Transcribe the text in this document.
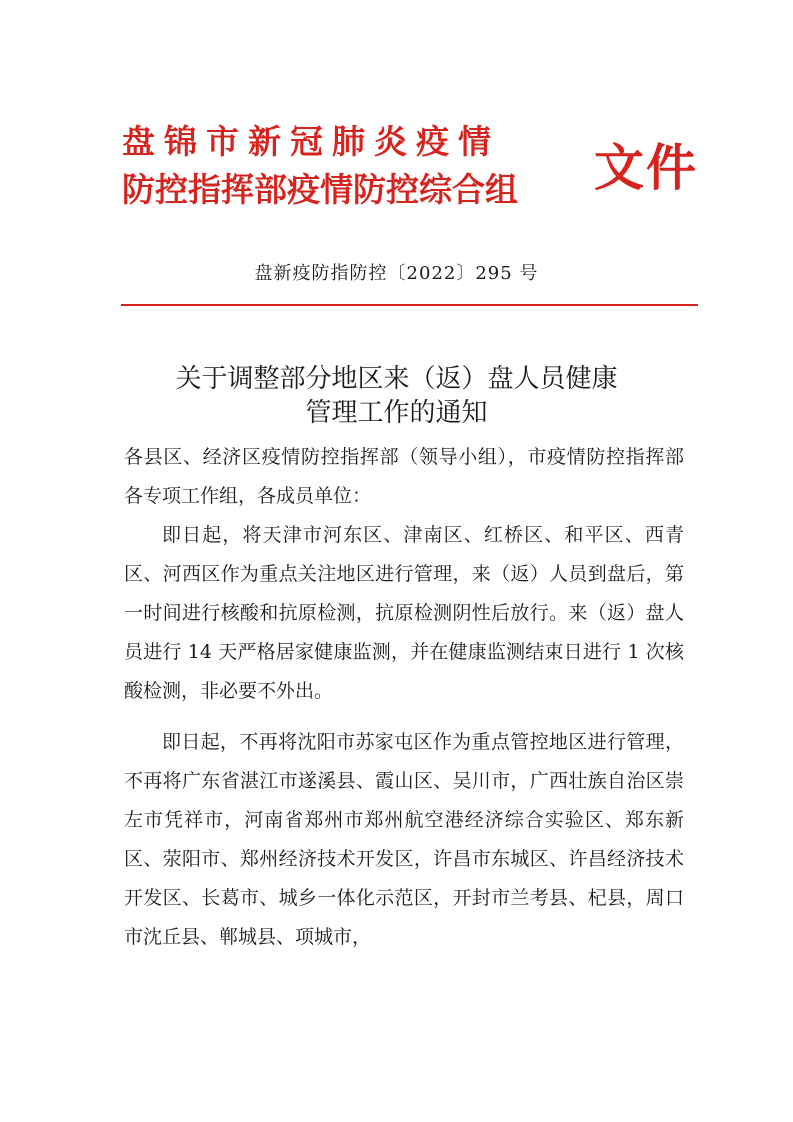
盘锦市新冠肺炎疫情
防控指挥部疫情防控综合组 文件
盘新疫防指防控〔2022〕295 号
关于调整部分地区来（返）盘人员健康
管理工作的通知

各县区、经济区疫情防控指挥部（领导小组），市疫情防控指挥部各专项工作组，各成员单位：

即日起，将天津市河东区、津南区、红桥区、和平区、西青区、河西区作为重点关注地区进行管理，来（返）人员到盘后，第一时间进行核酸和抗原检测，抗原检测阴性后放行。来（返）盘人员进行 14 天严格居家健康监测，并在健康监测结束日进行 1 次核酸检测，非必要不外出。

即日起，不再将沈阳市苏家屯区作为重点管控地区进行管理，不再将广东省湛江市遂溪县、霞山区、吴川市，广西壮族自治区崇左市凭祥市，河南省郑州市郑州航空港经济综合实验区、郑东新区、荥阳市、郑州经济技术开发区，许昌市东城区、许昌经济技术开发区、长葛市、城乡一体化示范区，开封市兰考县、杞县，周口市沈丘县、郸城县、项城市，
